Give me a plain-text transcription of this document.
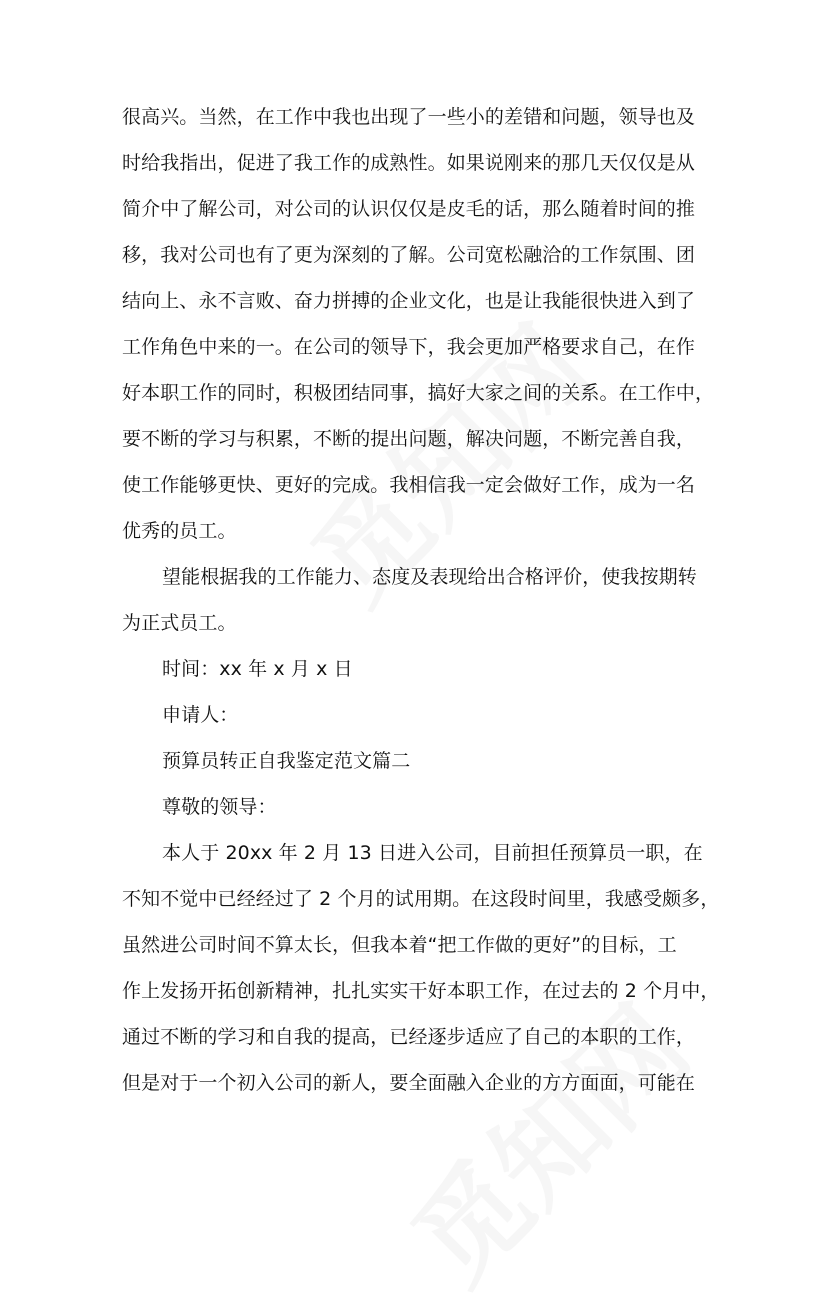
很高兴。当然，在工作中我也出现了一些小的差错和问题，领导也及
时给我指出，促进了我工作的成熟性。如果说刚来的那几天仅仅是从
简介中了解公司，对公司的认识仅仅是皮毛的话，那么随着时间的推
移，我对公司也有了更为深刻的了解。公司宽松融洽的工作氛围、团
结向上、永不言败、奋力拼搏的企业文化，也是让我能很快进入到了
工作角色中来的一。在公司的领导下，我会更加严格要求自己，在作
好本职工作的同时，积极团结同事，搞好大家之间的关系。在工作中，
要不断的学习与积累，不断的提出问题，解决问题，不断完善自我，
使工作能够更快、更好的完成。我相信我一定会做好工作，成为一名
优秀的员工。
望能根据我的工作能力、态度及表现给出合格评价，使我按期转
为正式员工。
时间：xx 年 x 月 x 日
申请人：
预算员转正自我鉴定范文篇二
尊敬的领导：
本人于 20xx 年 2 月 13 日进入公司，目前担任预算员一职，在
不知不觉中已经经过了 2 个月的试用期。在这段时间里，我感受颇多，
虽然进公司时间不算太长，但我本着“把工作做的更好”的目标，工
作上发扬开拓创新精神，扎扎实实干好本职工作，在过去的 2 个月中，
通过不断的学习和自我的提高，已经逐步适应了自己的本职的工作，
但是对于一个初入公司的新人，要全面融入企业的方方面面，可能在
